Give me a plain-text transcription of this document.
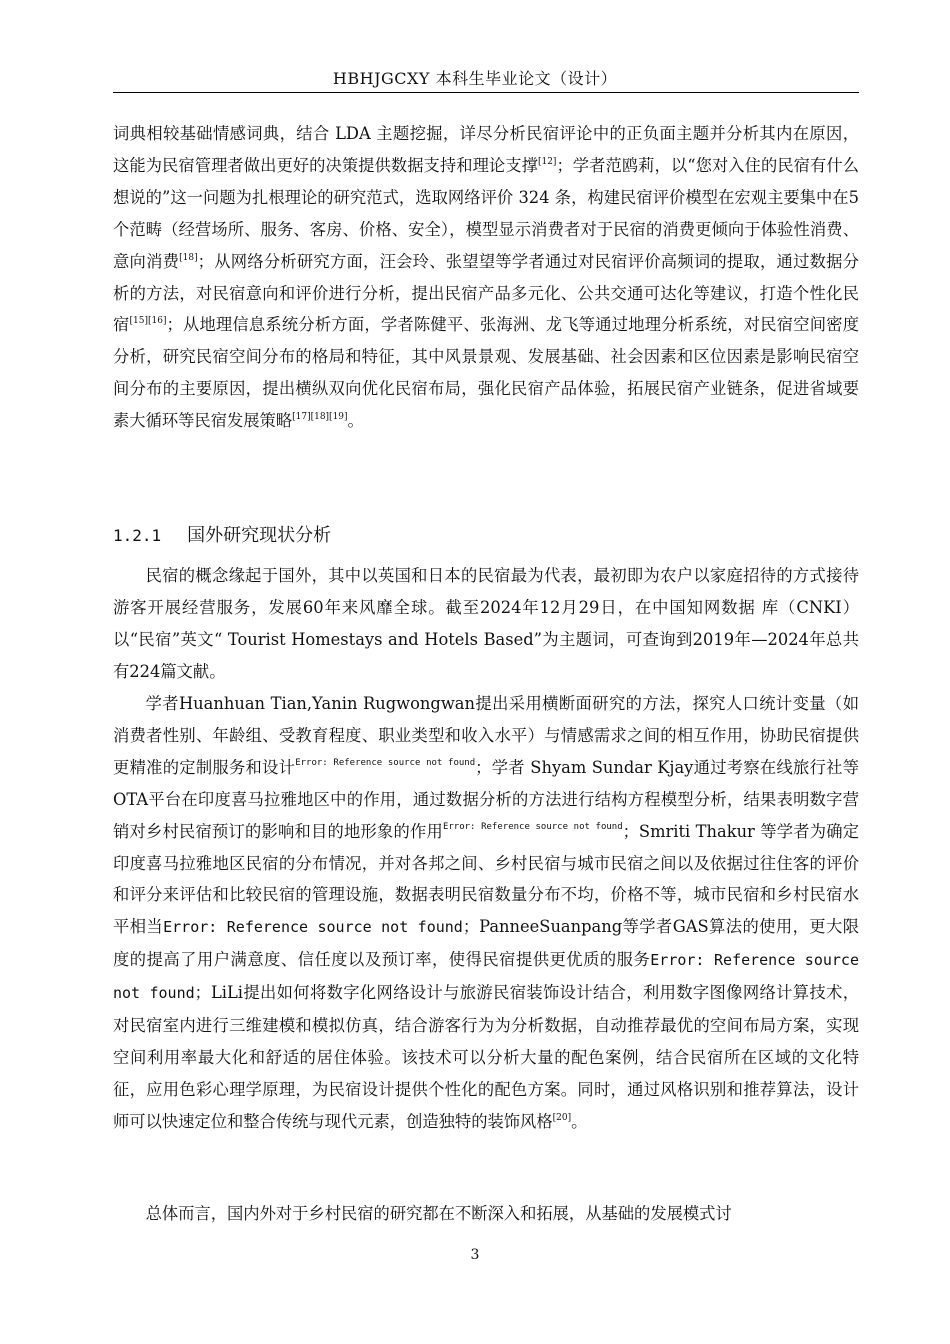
HBHJGCXY 本科生毕业论文（设计）

词典相较基础情感词典，结合 LDA 主题挖掘，详尽分析民宿评论中的正负面主题并分析其内在原因，这能为民宿管理者做出更好的决策提供数据支持和理论支撑[12]；学者范鸥莉，以“您对入住的民宿有什么想说的”这一问题为扎根理论的研究范式，选取网络评价 324 条，构建民宿评价模型在宏观主要集中在5个范畴（经营场所、服务、客房、价格、安全），模型显示消费者对于民宿的消费更倾向于体验性消费、意向消费[18]；从网络分析研究方面，汪会玲、张望望等学者通过对民宿评价高频词的提取，通过数据分析的方法，对民宿意向和评价进行分析，提出民宿产品多元化、公共交通可达化等建议，打造个性化民宿[15][16]；从地理信息系统分析方面，学者陈健平、张海洲、龙飞等通过地理分析系统，对民宿空间密度分析，研究民宿空间分布的格局和特征，其中风景景观、发展基础、社会因素和区位因素是影响民宿空间分布的主要原因，提出横纵双向优化民宿布局，强化民宿产品体验，拓展民宿产业链条，促进省域要素大循环等民宿发展策略[17][18][19]。

1.2.1 国外研究现状分析

民宿的概念缘起于国外，其中以英国和日本的民宿最为代表，最初即为农户以家庭招待的方式接待游客开展经营服务，发展60年来风靡全球。截至2024年12月29日，在中国知网数据 库（CNKI）以“民宿”英文“ Tourist Homestays and Hotels Based”为主题词，可查询到2019年—2024年总共有224篇文献。

学者Huanhuan Tian,Yanin Rugwongwan提出采用横断面研究的方法，探究人口统计变量（如消费者性别、年龄组、受教育程度、职业类型和收入水平）与情感需求之间的相互作用，协助民宿提供更精准的定制服务和设计$^{Error: Reference source not found}$；学者 Shyam Sundar Kjay通过考察在线旅行社等OTA平台在印度喜马拉雅地区中的作用，通过数据分析的方法进行结构方程模型分析，结果表明数字营销对乡村民宿预订的影响和目的地形象的作用$^{Error: Reference source not found}$；Smriti Thakur 等学者为确定印度喜马拉雅地区民宿的分布情况，并对各邦之间、乡村民宿与城市民宿之间以及依据过往住客的评价和评分来评估和比较民宿的管理设施，数据表明民宿数量分布不均，价格不等，城市民宿和乡村民宿水平相当Error: Reference source not found；PanneeSuanpang等学者GAS算法的使用，更大限度的提高了用户满意度、信任度以及预订率，使得民宿提供更优质的服务Error: Reference source not found；LiLi提出如何将数字化网络设计与旅游民宿装饰设计结合，利用数字图像网络计算技术，对民宿室内进行三维建模和模拟仿真，结合游客行为为分析数据，自动推荐最优的空间布局方案，实现空间利用率最大化和舒适的居住体验。该技术可以分析大量的配色案例，结合民宿所在区域的文化特征，应用色彩心理学原理，为民宿设计提供个性化的配色方案。同时，通过风格识别和推荐算法，设计师可以快速定位和整合传统与现代元素，创造独特的装饰风格[20]。

总体而言，国内外对于乡村民宿的研究都在不断深入和拓展，从基础的发展模式讨

3
